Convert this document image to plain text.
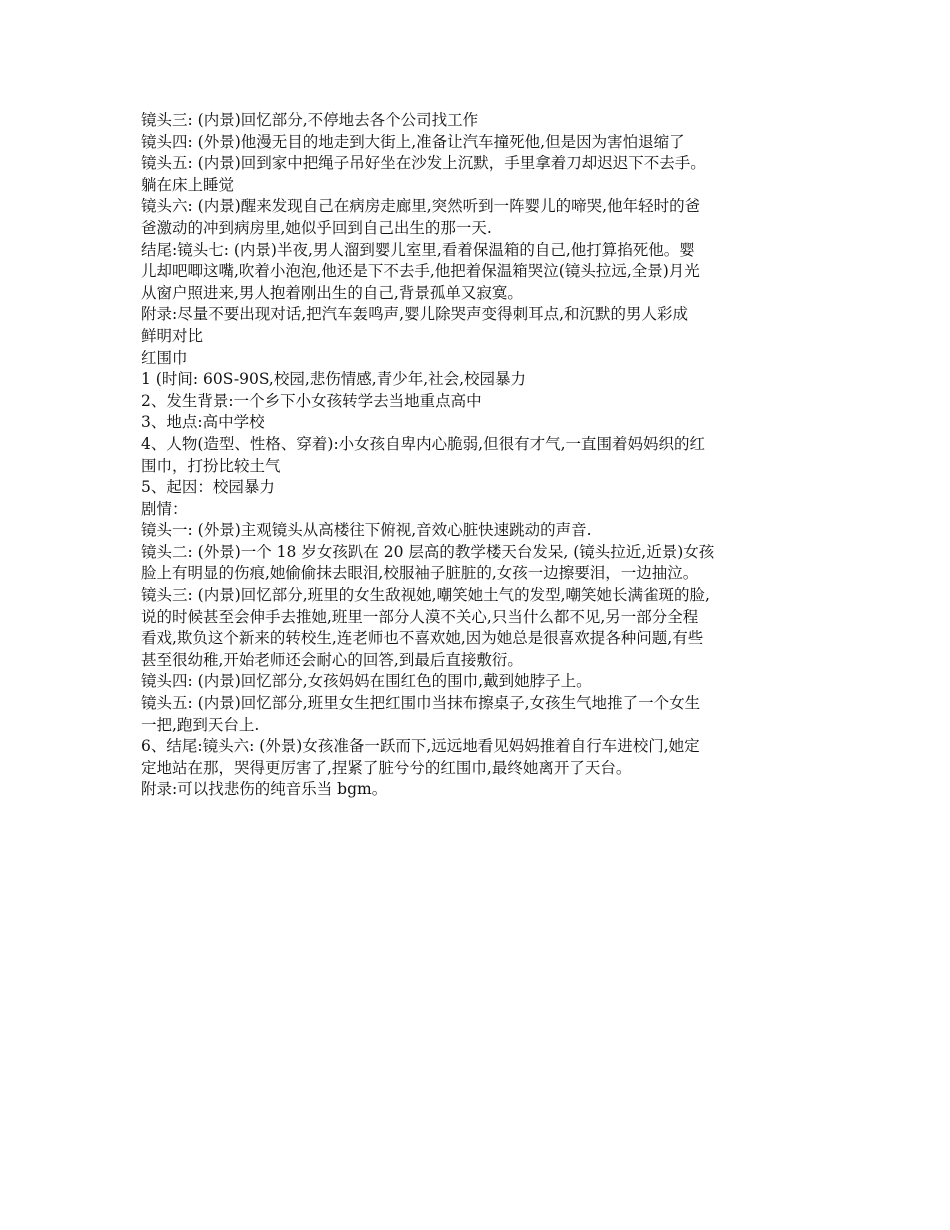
镜头三: (内景)回忆部分,不停地去各个公司找工作
镜头四: (外景)他漫无目的地走到大街上,准备让汽车撞死他,但是因为害怕退缩了
镜头五: (内景)回到家中把绳子吊好坐在沙发上沉默，手里拿着刀却迟迟下不去手。
躺在床上睡觉
镜头六: (内景)醒来发现自己在病房走廊里,突然听到一阵婴儿的啼哭,他年轻时的爸
爸激动的冲到病房里,她似乎回到自己出生的那一天.
结尾:镜头七: (内景)半夜,男人溜到婴儿室里,看着保温箱的自己,他打算掐死他。婴
儿却吧唧这嘴,吹着小泡泡,他还是下不去手,他把着保温箱哭泣(镜头拉远,全景)月光
从窗户照进来,男人抱着刚出生的自己,背景孤单又寂寞。
附录:尽量不要出现对话,把汽车轰鸣声,婴儿除哭声变得刺耳点,和沉默的男人彩成
鲜明对比
红围巾
1 (时间: 60S-90S,校园,悲伤情感,青少年,社会,校园暴力
2、发生背景:一个乡下小女孩转学去当地重点高中
3、地点:高中学校
4、人物(造型、性格、穿着):小女孩自卑内心脆弱,但很有才气,一直围着妈妈织的红
围巾，打扮比较土气
5、起因：校园暴力
剧情：
镜头一: (外景)主观镜头从高楼往下俯视,音效心脏快速跳动的声音.
镜头二: (外景)一个 18 岁女孩趴在 20 层高的教学楼天台发呆, (镜头拉近,近景)女孩
脸上有明显的伤痕,她偷偷抹去眼泪,校服袖子脏脏的,女孩一边擦要泪，一边抽泣。
镜头三: (内景)回忆部分,班里的女生敌视她,嘲笑她土气的发型,嘲笑她长满雀斑的脸,
说的时候甚至会伸手去推她,班里一部分人漠不关心,只当什么都不见,另一部分全程
看戏,欺负这个新来的转校生,连老师也不喜欢她,因为她总是很喜欢提各种问题,有些
甚至很幼稚,开始老师还会耐心的回答,到最后直接敷衍。
镜头四: (内景)回忆部分,女孩妈妈在围红色的围巾,戴到她脖子上。
镜头五: (内景)回忆部分,班里女生把红围巾当抹布擦桌子,女孩生气地推了一个女生
一把,跑到天台上.
6、结尾:镜头六: (外景)女孩准备一跃而下,远远地看见妈妈推着自行车进校门,她定
定地站在那，哭得更厉害了,捏紧了脏兮兮的红围巾,最终她离开了天台。
附录:可以找悲伤的纯音乐当 bgm。
